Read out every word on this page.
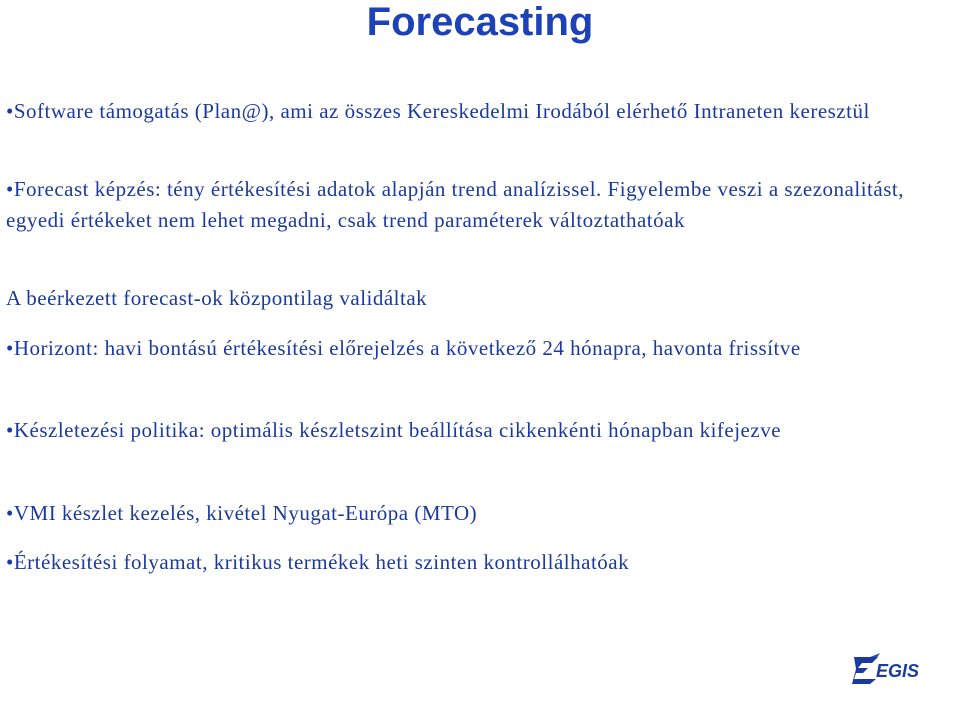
Forecasting

•Software támogatás (Plan@), ami az összes Kereskedelmi Irodából elérhető Intraneten keresztül

•Forecast képzés: tény értékesítési adatok alapján trend analízissel. Figyelembe veszi a szezonalitást, egyedi értékeket nem lehet megadni, csak trend paraméterek változtathatóak

A beérkezett forecast-ok központilag validáltak

•Horizont: havi bontású értékesítési előrejelzés a következő 24 hónapra, havonta frissítve

•Készletezési politika: optimális készletszint beállítása cikkenkénti hónapban kifejezve

•VMI készlet kezelés, kivétel Nyugat-Európa (MTO)

•Értékesítési folyamat, kritikus termékek heti szinten kontrollálhatóak

EGIS
